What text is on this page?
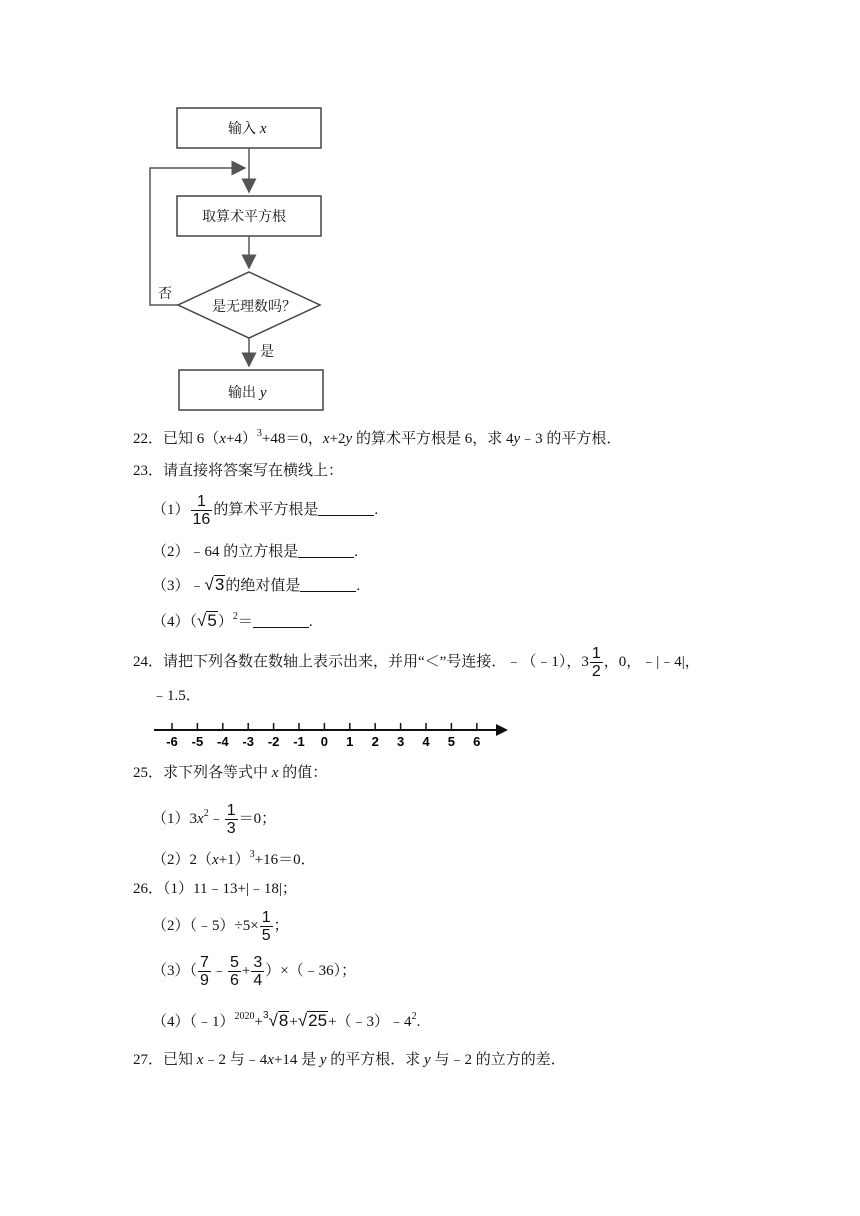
输入 x
取算术平方根
是无理数吗？
否
是
输出 y
22．已知 $6(x+4)^3+48=0$，x+2y 的算术平方根是 6，求 4y﹣3 的平方根．
23．请直接将答案写在横线上：
$(1) \frac{1}{16}$ 的算术平方根是	.
（2）﹣64 的立方根是	.
（3）﹣√3的绝对值是	.
$(4)(√5)^2=$	.
24．请把下列各数在数轴上表示出来，并用“＜”号连接．﹣（﹣1），$3 \frac{1}{2}$ ，0，﹣|﹣4|，
﹣1.5．
-6 -5 -4 -3 -2 -1 0 1 2 3 4 5 6
25．求下列各等式中 x 的值：
$(1)3x^2﹣ \frac{1}{3} =0$；
$(2)2(x+1)^3+16=0$．
26．（1）11﹣13+|﹣18|；
（2）（﹣5）÷5× $\frac{1}{5}$ ；
$(3)( \frac{7}{9}$ ﹣ $\frac{5}{6} + \frac{3}{4}$ ）×（﹣36）；
$(4)(﹣1)^{2020}+^3√8+√25+(﹣3)﹣4^2$.
27．已知 x﹣2 与﹣4x+14 是 y 的平方根．求 y 与﹣2 的立方的差．
